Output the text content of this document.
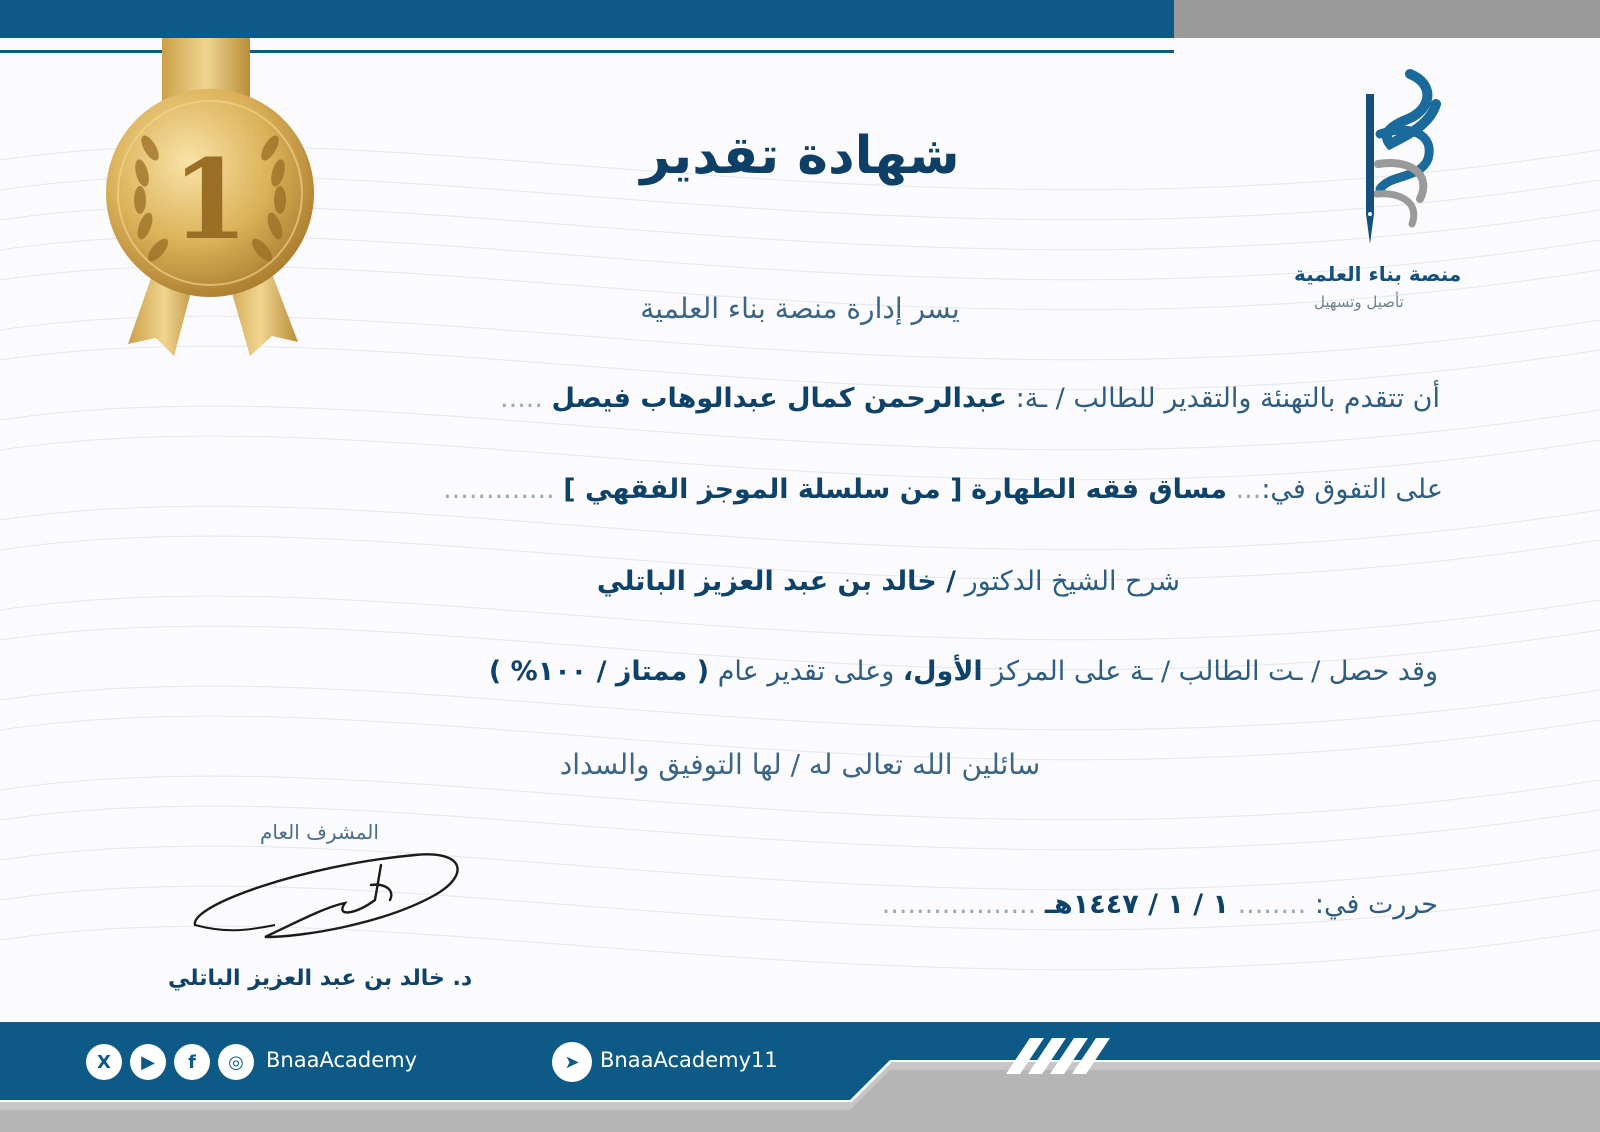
1
منصة بناء العلمية
تأصيل وتسهيل
شهادة تقدير
يسر إدارة منصة بناء العلمية
أن تتقدم بالتهنئة والتقدير للطالب / ـة: عبدالرحمن كمال عبدالوهاب فيصل .....
على التفوق في:... مساق فقه الطهارة [ من سلسلة الموجز الفقهي ] .............
شرح الشيخ الدكتور / خالد بن عبد العزيز الباتلي
وقد حصل / ـت الطالب / ـة على المركز الأول، وعلى تقدير عام ( ممتاز / ١٠٠% )
سائلين الله تعالى له / لها التوفيق والسداد
حررت في: ........ ١ / ١ / ١٤٤٧هـ ..................
المشرف العام
د. خالد بن عبد العزيز الباتلي
X	▶	f	◎	BnaaAcademy	➤ BnaaAcademy11
